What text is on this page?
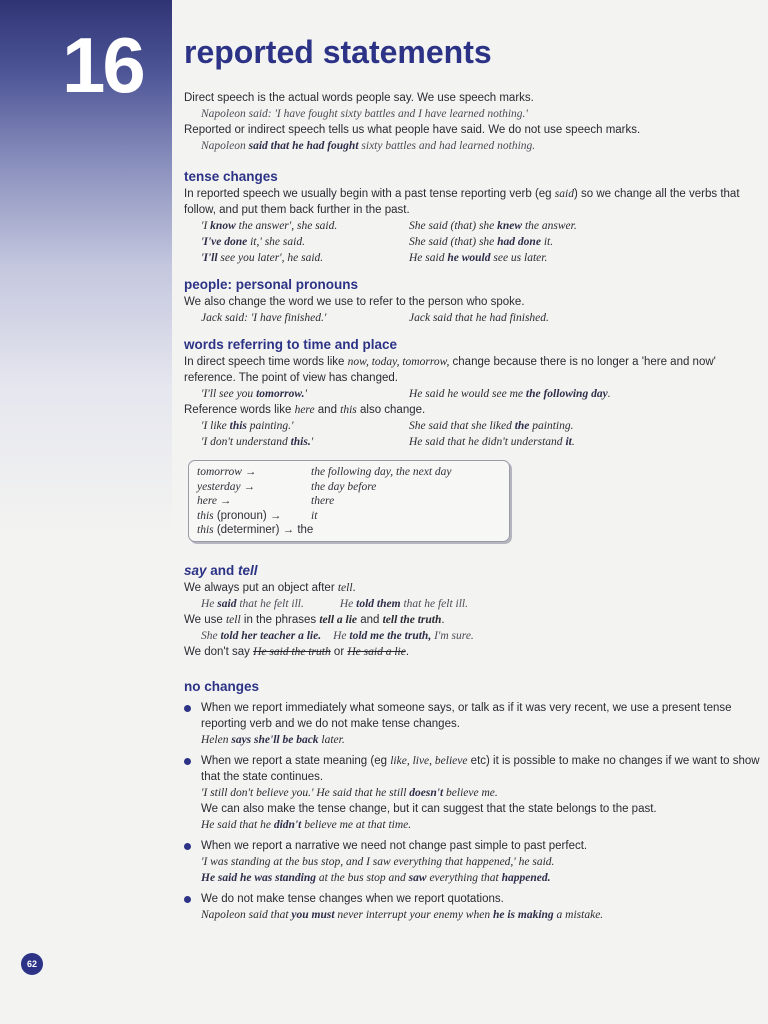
16	reported statements

Direct speech is the actual words people say. We use speech marks.

Napoleon said: 'I have fought sixty battles and I have learned nothing.'

Reported or indirect speech tells us what people have said. We do not use speech marks.

Napoleon said that he had fought sixty battles and had learned nothing.

tense changes

In reported speech we usually begin with a past tense reporting verb (eg said) so we change all the verbs that follow, and put them back further in the past.

'I know the answer', she said.	She said (that) she knew the answer.
'I've done it,' she said.	She said (that) she had done it.
'I'll see you later', he said.	He said he would see us later.
people: personal pronouns

We also change the word we use to refer to the person who spoke.

Jack said: 'I have finished.'	Jack said that he had finished.
words referring to time and place

In direct speech time words like now, today, tomorrow, change because there is no longer a 'here and now' reference. The point of view has changed.

'I'll see you tomorrow.'	He said he would see me the following day.

Reference words like here and this also change.

'I like this painting.'	She said that she liked the painting.
'I don't understand this.'	He said that he didn't understand it.
tomorrow →	the following day, the next day
yesterday →	the day before
here →	there
this (pronoun) →	it
this (determiner) → the
say and tell

We always put an object after tell.

He said that he felt ill.	He told them that he felt ill.

We use tell in the phrases tell a lie and tell the truth.

She told her teacher a lie. He told me the truth, I'm sure.

We don't say He said the truth or He said a lie.

no changes

When we report immediately what someone says, or talk as if it was very recent, we use a present tense reporting verb and we do not make tense changes.

Helen says she'll be back later.

When we report a state meaning (eg like, live, believe etc) it is possible to make no changes if we want to show that the state continues.

'I still don't believe you.' He said that he still doesn't believe me.

We can also make the tense change, but it can suggest that the state belongs to the past.

He said that he didn't believe me at that time.

When we report a narrative we need not change past simple to past perfect.

'I was standing at the bus stop, and I saw everything that happened,' he said.

He said he was standing at the bus stop and saw everything that happened.

We do not make tense changes when we report quotations.

Napoleon said that you must never interrupt your enemy when he is making a mistake.

62
